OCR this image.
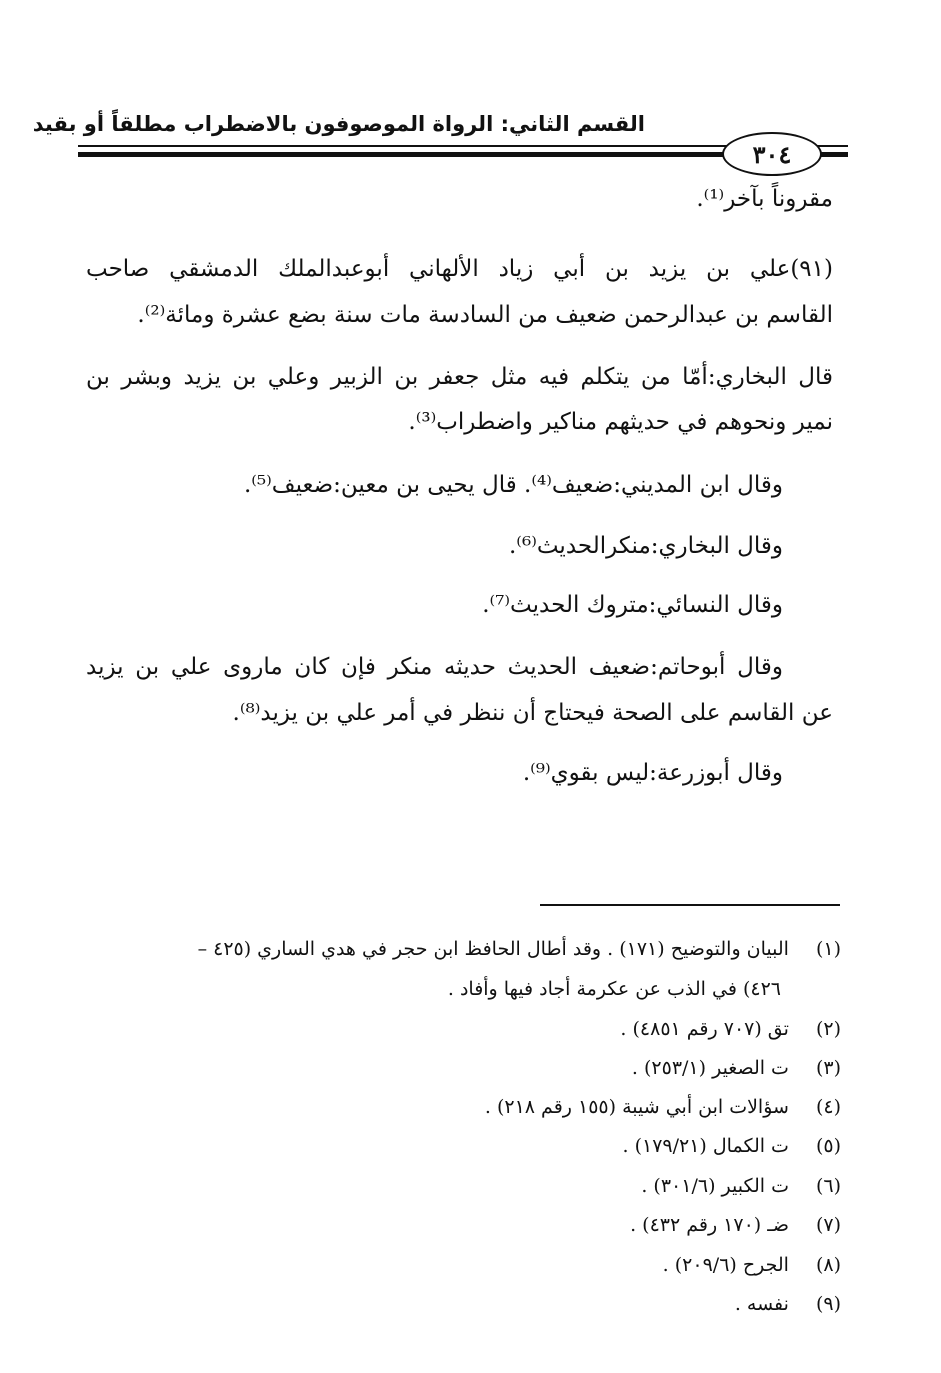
القسم الثاني: الرواة الموصوفون بالاضطراب مطلقاً أو بقيد
٣٠٤
مقروناً بآخر⁽¹⁾.
(٩١)علي بن يزيد بن أبي زياد الألهاني أبوعبدالملك الدمشقي صاحب
القاسم بن عبدالرحمن ضعيف من السادسة مات سنة بضع عشرة ومائة⁽²⁾.
قال البخاري:أمّا من يتكلم فيه مثل جعفر بن الزبير وعلي بن يزيد وبشر بن
نمير ونحوهم في حديثهم مناكير واضطراب⁽³⁾.
وقال ابن المديني:ضعيف⁽⁴⁾. قال يحيى بن معين:ضعيف⁽⁵⁾.
وقال البخاري:منكرالحديث⁽⁶⁾.
وقال النسائي:متروك الحديث⁽⁷⁾.
وقال أبوحاتم:ضعيف الحديث حديثه منكر فإن كان ماروى علي بن يزيد
عن القاسم على الصحة فيحتاج أن ننظر في أمر علي بن يزيد⁽⁸⁾.
وقال أبوزرعة:ليس بقوي⁽⁹⁾.
(١) البيان والتوضيح (١٧١) . وقد أطال الحافظ ابن حجر في هدي الساري (٤٢٥ –
٤٢٦) في الذب عن عكرمة أجاد فيها وأفاد .
(٢) تق (٧٠٧ رقم ٤٨٥١) .
(٣) ت الصغير (٢٥٣/١) .
(٤) سؤالات ابن أبي شيبة (١٥٥ رقم ٢١٨) .
(٥) ت الكمال (١٧٩/٢١) .
(٦) ت الكبير (٣٠١/٦) .
(٧) ضـ (١٧٠ رقم ٤٣٢) .
(٨) الجرح (٢٠٩/٦) .
(٩) نفسه .
